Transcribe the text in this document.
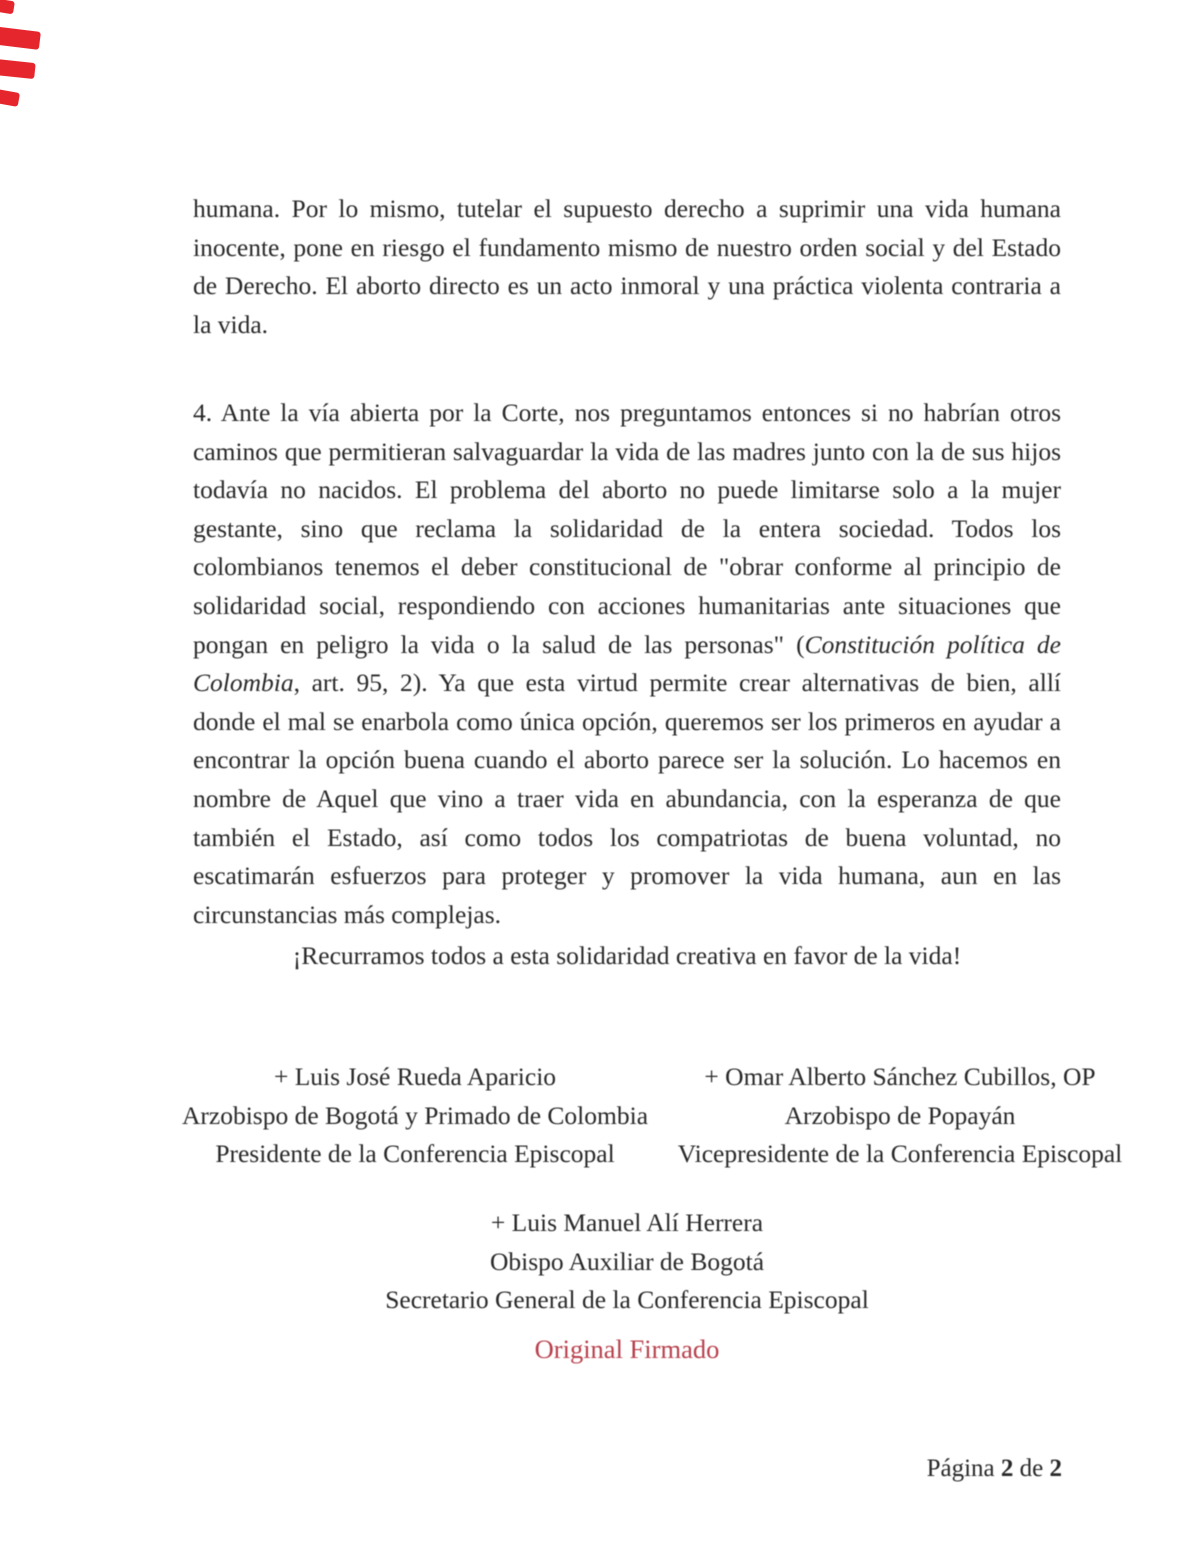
humana. Por lo mismo, tutelar el supuesto derecho a suprimir una vida humana inocente, pone en riesgo el fundamento mismo de nuestro orden social y del Estado de Derecho. El aborto directo es un acto inmoral y una práctica violenta contraria a la vida.

4. Ante la vía abierta por la Corte, nos preguntamos entonces si no habrían otros caminos que permitieran salvaguardar la vida de las madres junto con la de sus hijos todavía no nacidos. El problema del aborto no puede limitarse solo a la mujer gestante, sino que reclama la solidaridad de la entera sociedad. Todos los colombianos tenemos el deber constitucional de "obrar conforme al principio de solidaridad social, respondiendo con acciones humanitarias ante situaciones que pongan en peligro la vida o la salud de las personas" (Constitución política de Colombia, art. 95, 2). Ya que esta virtud permite crear alternativas de bien, allí donde el mal se enarbola como única opción, queremos ser los primeros en ayudar a encontrar la opción buena cuando el aborto parece ser la solución. Lo hacemos en nombre de Aquel que vino a traer vida en abundancia, con la esperanza de que también el Estado, así como todos los compatriotas de buena voluntad, no escatimarán esfuerzos para proteger y promover la vida humana, aun en las circunstancias más complejas.

¡Recurramos todos a esta solidaridad creativa en favor de la vida!

+ Luis José Rueda Aparicio
Arzobispo de Bogotá y Primado de Colombia
Presidente de la Conferencia Episcopal
+ Omar Alberto Sánchez Cubillos, OP
Arzobispo de Popayán
Vicepresidente de la Conferencia Episcopal
+ Luis Manuel Alí Herrera
Obispo Auxiliar de Bogotá
Secretario General de la Conferencia Episcopal

Original Firmado

Página 2 de 2
